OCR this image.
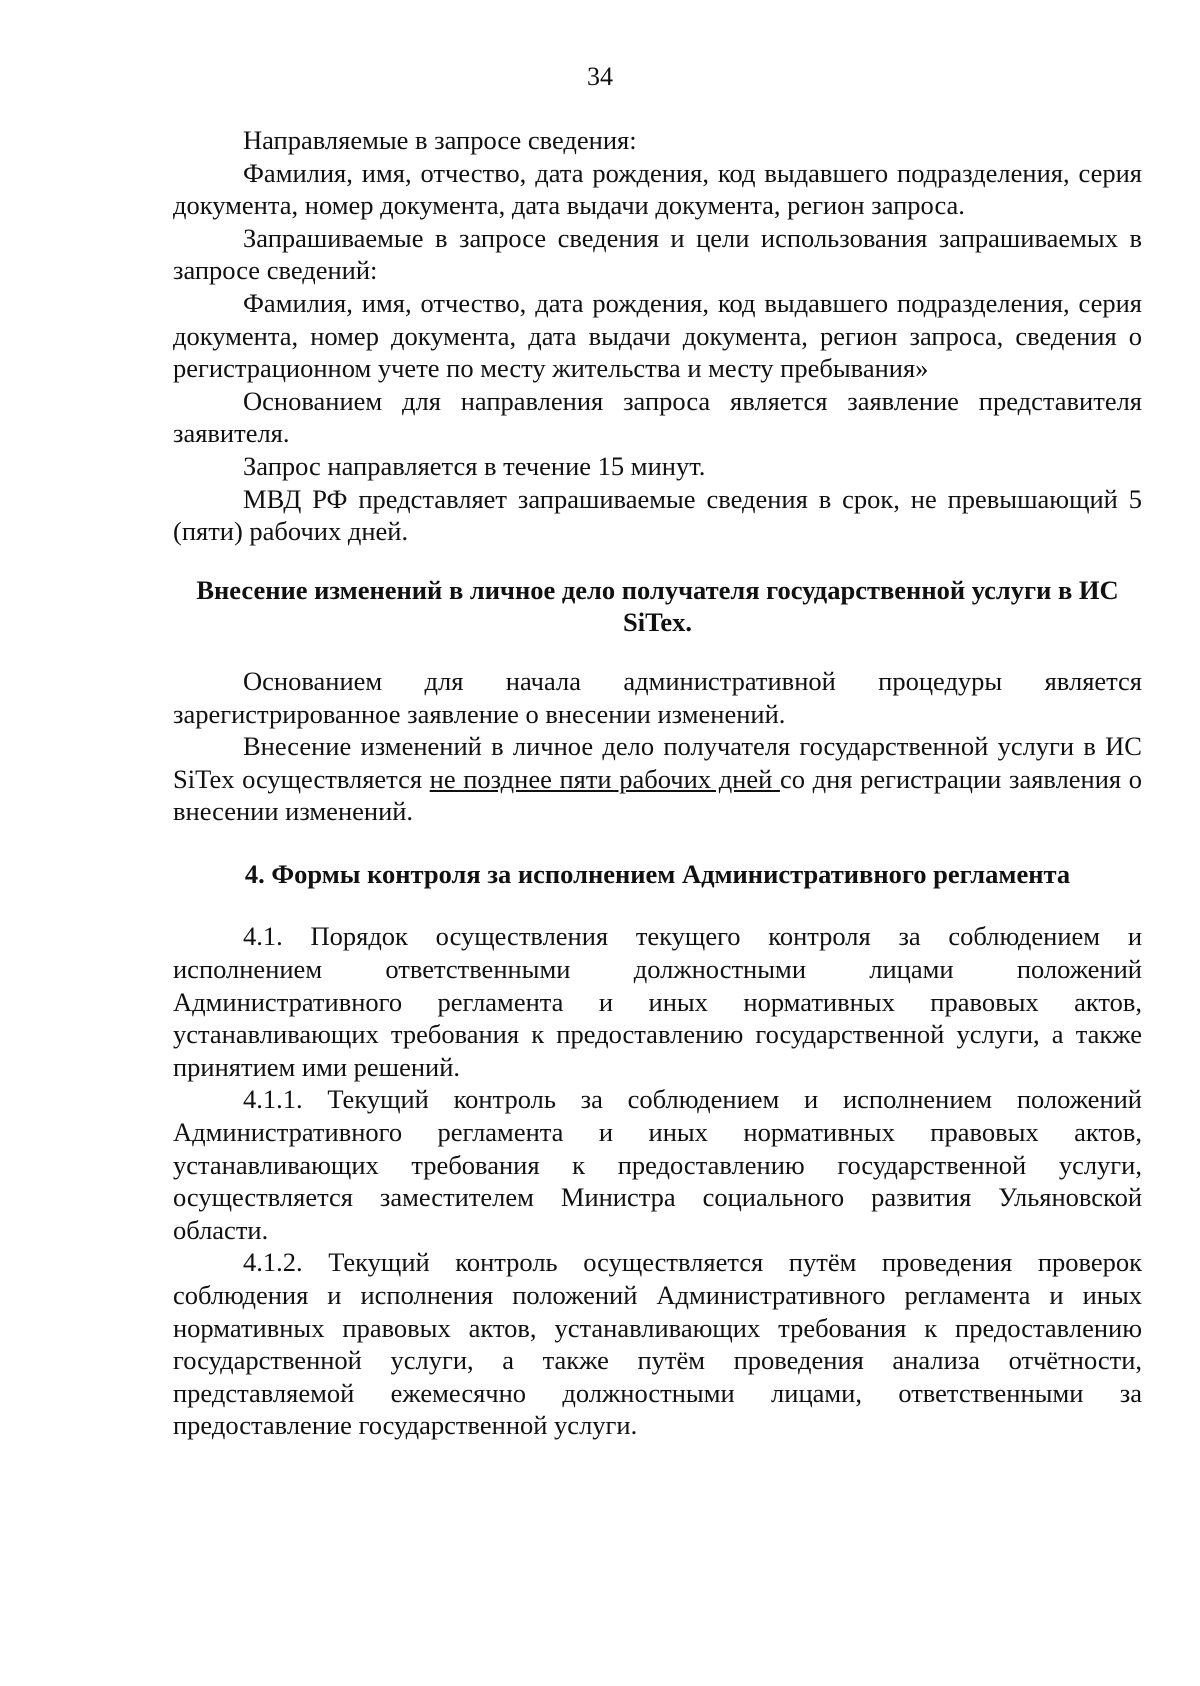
34

Направляемые в запросе сведения:

Фамилия, имя, отчество, дата рождения, код выдавшего подразделения, серия документа, номер документа, дата выдачи документа, регион запроса.

Запрашиваемые в запросе сведения и цели использования запрашиваемых в запросе сведений:

Фамилия, имя, отчество, дата рождения, код выдавшего подразделения, серия документа, номер документа, дата выдачи документа, регион запроса, сведения о регистрационном учете по месту жительства и месту пребывания»

Основанием для направления запроса является заявление представителя заявителя.

Запрос направляется в течение 15 минут.

МВД РФ представляет запрашиваемые сведения в срок, не превышающий 5 (пяти) рабочих дней.

Внесение изменений в личное дело получателя государственной услуги в ИС SiTex.

Основанием для начала административной процедуры является зарегистрированное заявление о внесении изменений.

Внесение изменений в личное дело получателя государственной услуги в ИС SiTex осуществляется не позднее пяти рабочих дней со дня регистрации заявления о внесении изменений.

4. Формы контроля за исполнением Административного регламента

4.1. Порядок осуществления текущего контроля за соблюдением и исполнением ответственными должностными лицами положений Административного регламента и иных нормативных правовых актов, устанавливающих требования к предоставлению государственной услуги, а также принятием ими решений.

4.1.1. Текущий контроль за соблюдением и исполнением положений Административного регламента и иных нормативных правовых актов, устанавливающих требования к предоставлению государственной услуги, осуществляется заместителем Министра социального развития Ульяновской области.

4.1.2. Текущий контроль осуществляется путём проведения проверок соблюдения и исполнения положений Административного регламента и иных нормативных правовых актов, устанавливающих требования к предоставлению государственной услуги, а также путём проведения анализа отчётности, представляемой ежемесячно должностными лицами, ответственными за предоставление государственной услуги.
